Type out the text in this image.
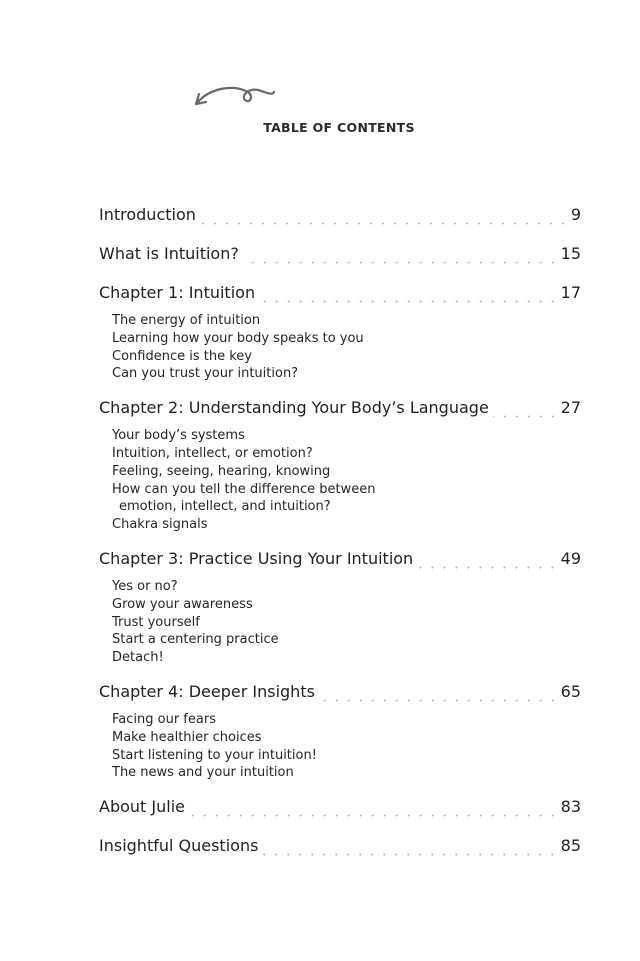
TABLE OF CONTENTS
Introduction	9
What is Intuition?	15
Chapter 1: Intuition	17
The energy of intuition
Learning how your body speaks to you
Confidence is the key
Can you trust your intuition?
Chapter 2: Understanding Your Body’s Language	27
Your body’s systems
Intuition, intellect, or emotion?
Feeling, seeing, hearing, knowing
How can you tell the difference between
emotion, intellect, and intuition?
Chakra signals
Chapter 3: Practice Using Your Intuition	49
Yes or no?
Grow your awareness
Trust yourself
Start a centering practice
Detach!
Chapter 4: Deeper Insights	65
Facing our fears
Make healthier choices
Start listening to your intuition!
The news and your intuition
About Julie	83
Insightful Questions	85
